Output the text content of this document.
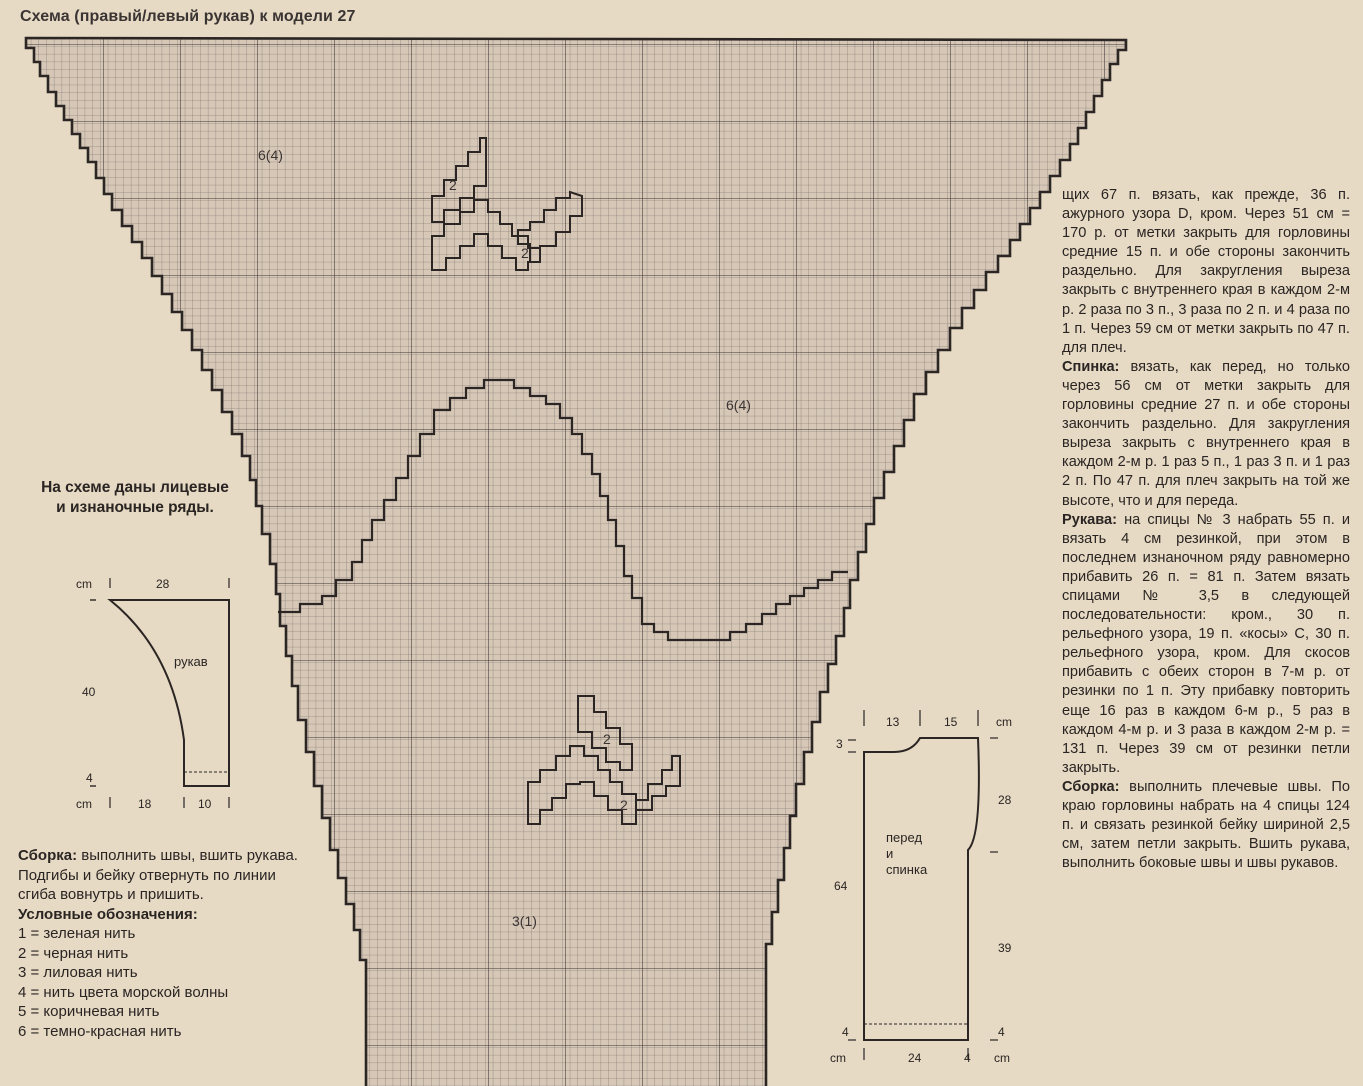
Схема (правый/левый рукав) к модели 27
6(4)
6(4)
3(1)
2
2
2
2
cm	28
40
4
cm	18	10
рукав
13	15	cm
3
28
64
39
4	4
cm	24	4 cm
перед
и
спинка
На схеме даны лицевые и изнаночные ряды.
Сборка: выполнить швы, вшить рукава. Подгибы и бейку отвернуть по линии сгиба вовнутрь и пришить.
Условные обозначения:
1 = зеленая нить
2 = черная нить
3 = лиловая нить
4 = нить цвета морской волны
5 = коричневая нить
6 = темно-красная нить

щих 67 п. вязать, как прежде, 36 п. ажурного узора D, кром. Через 51 см = 170 р. от метки закрыть для горловины средние 15 п. и обе стороны закончить раздельно. Для закругления выреза закрыть с внутреннего края в каждом 2-м р. 2 раза по 3 п., 3 раза по 2 п. и 4 раза по 1 п. Через 59 см от метки закрыть по 47 п. для плеч.

Спинка: вязать, как перед, но только через 56 см от метки закрыть для горловины средние 27 п. и обе стороны закончить раздельно. Для закругления выреза закрыть с внутреннего края в каждом 2-м р. 1 раз 5 п., 1 раз 3 п. и 1 раз 2 п. По 47 п. для плеч закрыть на той же высоте, что и для переда.

Рукава: на спицы № 3 набрать 55 п. и вязать 4 см резинкой, при этом в последнем изнаночном ряду равномерно прибавить 26 п. = 81 п. Затем вязать спицами № 3,5 в следующей последовательности: кром., 30 п. рельефного узора, 19 п. «косы» С, 30 п. рельефного узора, кром. Для скосов прибавить с обеих сторон в 7-м р. от резинки по 1 п. Эту прибавку повторить еще 16 раз в каждом 6-м р., 5 раз в каждом 4-м р. и 3 раза в каждом 2-м р. = 131 п. Через 39 см от резинки петли закрыть.

Сборка: выполнить плечевые швы. По краю горловины набрать на 4 спицы 124 п. и связать резинкой бейку шириной 2,5 см, затем петли закрыть. Вшить рукава, выполнить боковые швы и швы рукавов.
